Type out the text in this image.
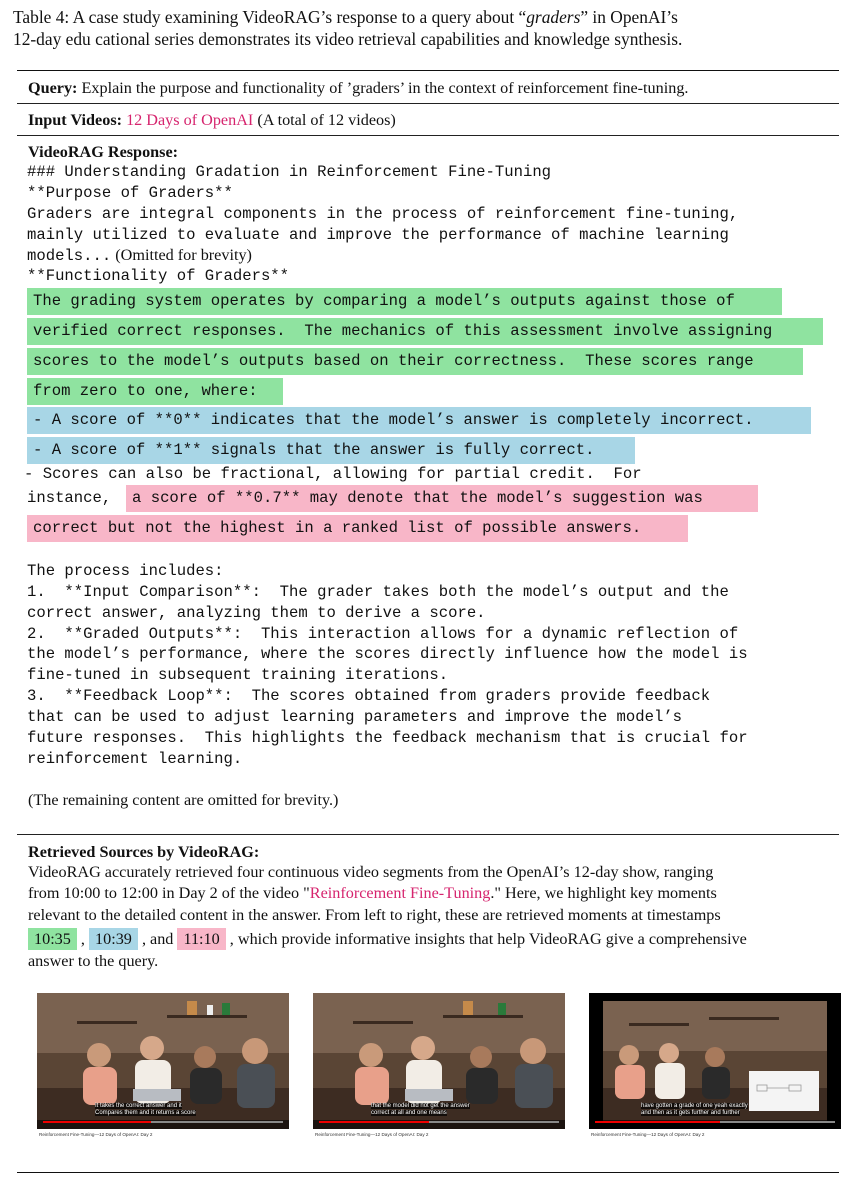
Table 4: A case study examining VideoRAG’s response to a query about “graders” in OpenAI’s
12-day edu cational series demonstrates its video retrieval capabilities and knowledge synthesis.
Query: Explain the purpose and functionality of ’graders’ in the context of reinforcement fine-tuning.
Input Videos: 12 Days of OpenAI (A total of 12 videos)
VideoRAG Response:

### Understanding Gradation in Reinforcement Fine-Tuning

**Purpose of Graders**

Graders are integral components in the process of reinforcement fine-tuning,

mainly utilized to evaluate and improve the performance of machine learning

models... (Omitted for brevity)

**Functionality of Graders**

The grading system operates by comparing a model’s outputs against those of

verified correct responses.  The mechanics of this assessment involve assigning

scores to the model’s outputs based on their correctness.  These scores range

from zero to one, where:

- A score of **0** indicates that the model’s answer is completely incorrect.

- A score of **1** signals that the answer is fully correct.

- Scores can also be fractional, allowing for partial credit.  For

instance,

	a score of **0.7** may denote that the model’s suggestion was

correct but not the highest in a ranked list of possible answers.

The process includes:

1.  **Input Comparison**:  The grader takes both the model’s output and the

correct answer, analyzing them to derive a score.

2.  **Graded Outputs**:  This interaction allows for a dynamic reflection of

the model’s performance, where the scores directly influence how the model is

fine-tuned in subsequent training iterations.

3.  **Feedback Loop**:  The scores obtained from graders provide feedback

that can be used to adjust learning parameters and improve the model’s

future responses.  This highlights the feedback mechanism that is crucial for

reinforcement learning.

(The remaining content are omitted for brevity.)
Retrieved Sources by VideoRAG:
VideoRAG accurately retrieved four continuous video segments from the OpenAI’s 12-day show, ranging
from 10:00 to 12:00 in Day 2 of the video "Reinforcement Fine-Tuning." Here, we highlight key moments
relevant to the detailed content in the answer. From left to right, these are retrieved moments at timestamps
10:35 , 10:39 , and 11:10 , which provide informative insights that help VideoRAG give a comprehensive
answer to the query.
It takes the correct answer and it
Compares them and it returns a score
Reinforcement Fine-Tuning—12 Days of OpenAI: Day 2
that the model did not get the answer
correct at all and one means
Reinforcement Fine-Tuning—12 Days of OpenAI: Day 2
have gotten a grade of one yeah exactly
and then as it gets further and further
Reinforcement Fine-Tuning—12 Days of OpenAI: Day 2
